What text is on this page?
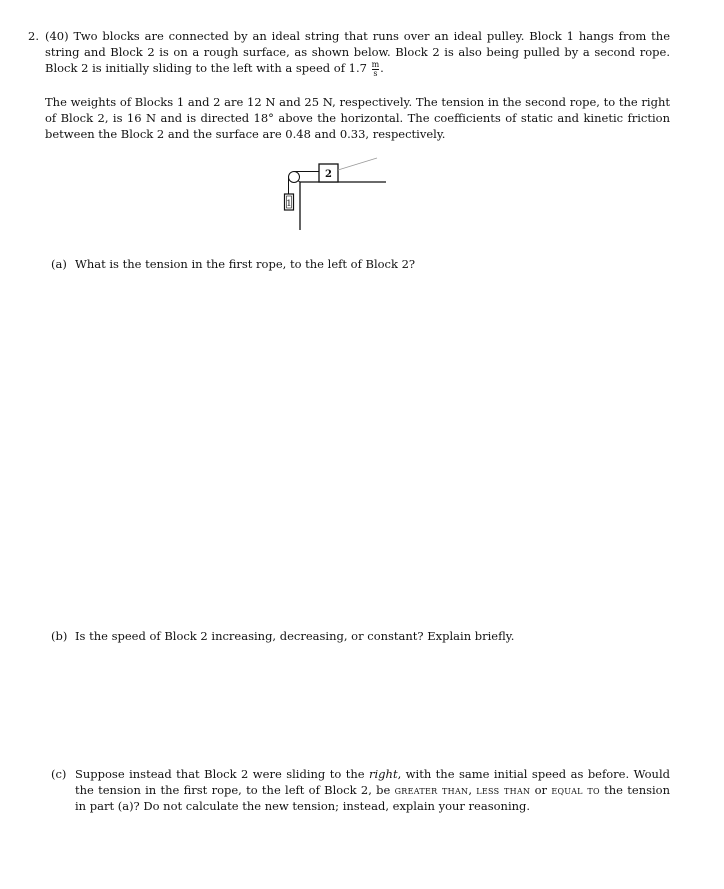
2. (40) Two blocks are connected by an ideal string that runs over an ideal pulley. Block 1 hangs from the string and Block 2 is on a rough surface, as shown below. Block 2 is also being pulled by a second rope. Block 2 is initially sliding to the left with a speed of $1.7 \frac{m}{s}$ .
The weights of Blocks 1 and 2 are 12 N and 25 N, respectively. The tension in the second rope, to the right of Block 2, is 16 N and is directed 18° above the horizontal. The coefficients of static and kinetic friction between the Block 2 and the surface are 0.48 and 0.33, respectively.
1
2
(a) What is the tension in the first rope, to the left of Block 2?
(b) Is the speed of Block 2 increasing, decreasing, or constant? Explain briefly.
(c) Suppose instead that Block 2 were sliding to the right, with the same initial speed as before. Would the tension in the first rope, to the left of Block 2, be greater than, less than or equal to the tension in part (a)? Do not calculate the new tension; instead, explain your reasoning.
